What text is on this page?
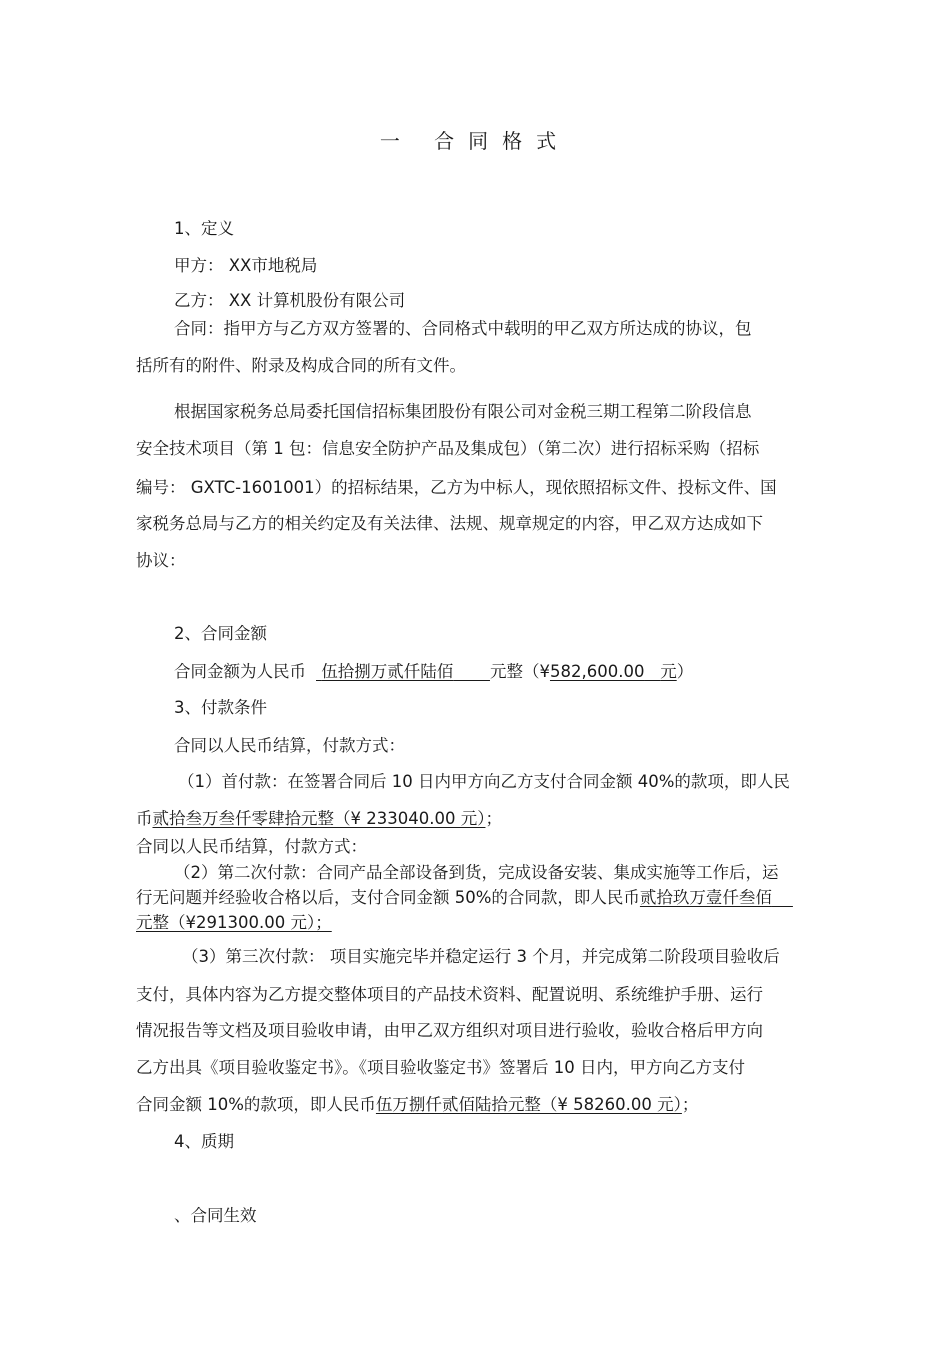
一 合同格式
1、定义
甲方： XX市地税局
乙方： XX 计算机股份有限公司
合同：指甲方与乙方双方签署的、合同格式中载明的甲乙双方所达成的协议，包
括所有的附件、附录及构成合同的所有文件。
根据国家税务总局委托国信招标集团股份有限公司对金税三期工程第二阶段信息
安全技术项目（第 1 包：信息安全防护产品及集成包）（第二次）进行招标采购（招标
编号： GXTC-1601001）的招标结果，乙方为中标人，现依照招标文件、投标文件、国
家税务总局与乙方的相关约定及有关法律、法规、规章规定的内容，甲乙双方达成如下
协议：
2、合同金额
合同金额为人民币 伍拾捌万贰仟陆佰 元整（¥582,600.00 元）
3、付款条件
合同以人民币结算，付款方式：
（1）首付款：在签署合同后 10 日内甲方向乙方支付合同金额 40%的款项，即人民
币贰拾叁万叁仟零肆拾元整（¥ 233040.00 元）；
合同以人民币结算，付款方式：
（2）第二次付款：合同产品全部设备到货，完成设备安装、集成实施等工作后，运
行无问题并经验收合格以后，支付合同金额 50%的合同款，即人民币贰拾玖万壹仟叁佰
元整（¥291300.00 元）；
（3）第三次付款： 项目实施完毕并稳定运行 3 个月，并完成第二阶段项目验收后
支付，具体内容为乙方提交整体项目的产品技术资料、配置说明、系统维护手册、运行
情况报告等文档及项目验收申请，由甲乙双方组织对项目进行验收，验收合格后甲方向
乙方出具《项目验收鉴定书》。《项目验收鉴定书》签署后 10 日内，甲方向乙方支付
合同金额 10%的款项，即人民币伍万捌仟贰佰陆拾元整（¥ 58260.00 元）；
4、质期
、合同生效
